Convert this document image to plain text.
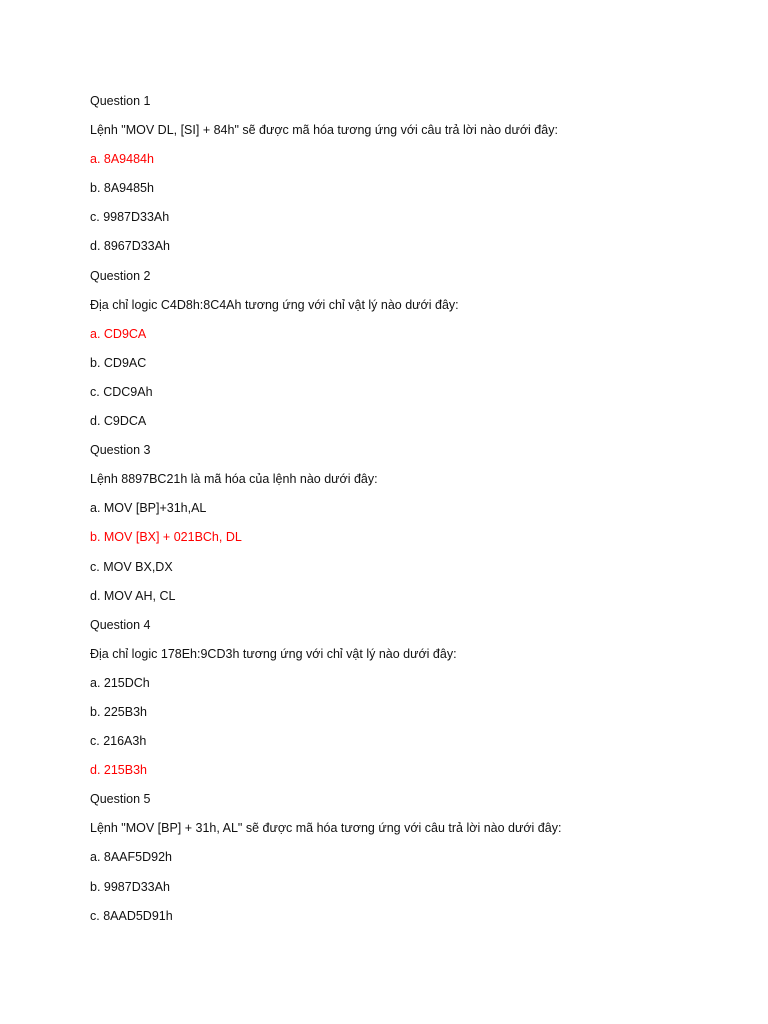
Question 1
Lệnh "MOV DL, [SI] + 84h" sẽ được mã hóa tương ứng với câu trả lời nào dưới đây:
a. 8A9484h
b. 8A9485h
c. 9987D33Ah
d. 8967D33Ah
Question 2
Địa chỉ logic C4D8h:8C4Ah tương ứng với chỉ vật lý nào dưới đây:
a. CD9CA
b. CD9AC
c. CDC9Ah
d. C9DCA
Question 3
Lệnh 8897BC21h là mã hóa của lệnh nào dưới đây:
a. MOV [BP]+31h,AL
b. MOV [BX] + 021BCh, DL
c. MOV BX,DX
d. MOV AH, CL
Question 4
Địa chỉ logic 178Eh:9CD3h tương ứng với chỉ vật lý nào dưới đây:
a. 215DCh
b. 225B3h
c. 216A3h
d. 215B3h
Question 5
Lệnh "MOV [BP] + 31h, AL" sẽ được mã hóa tương ứng với câu trả lời nào dưới đây:
a. 8AAF5D92h
b. 9987D33Ah
c. 8AAD5D91h
